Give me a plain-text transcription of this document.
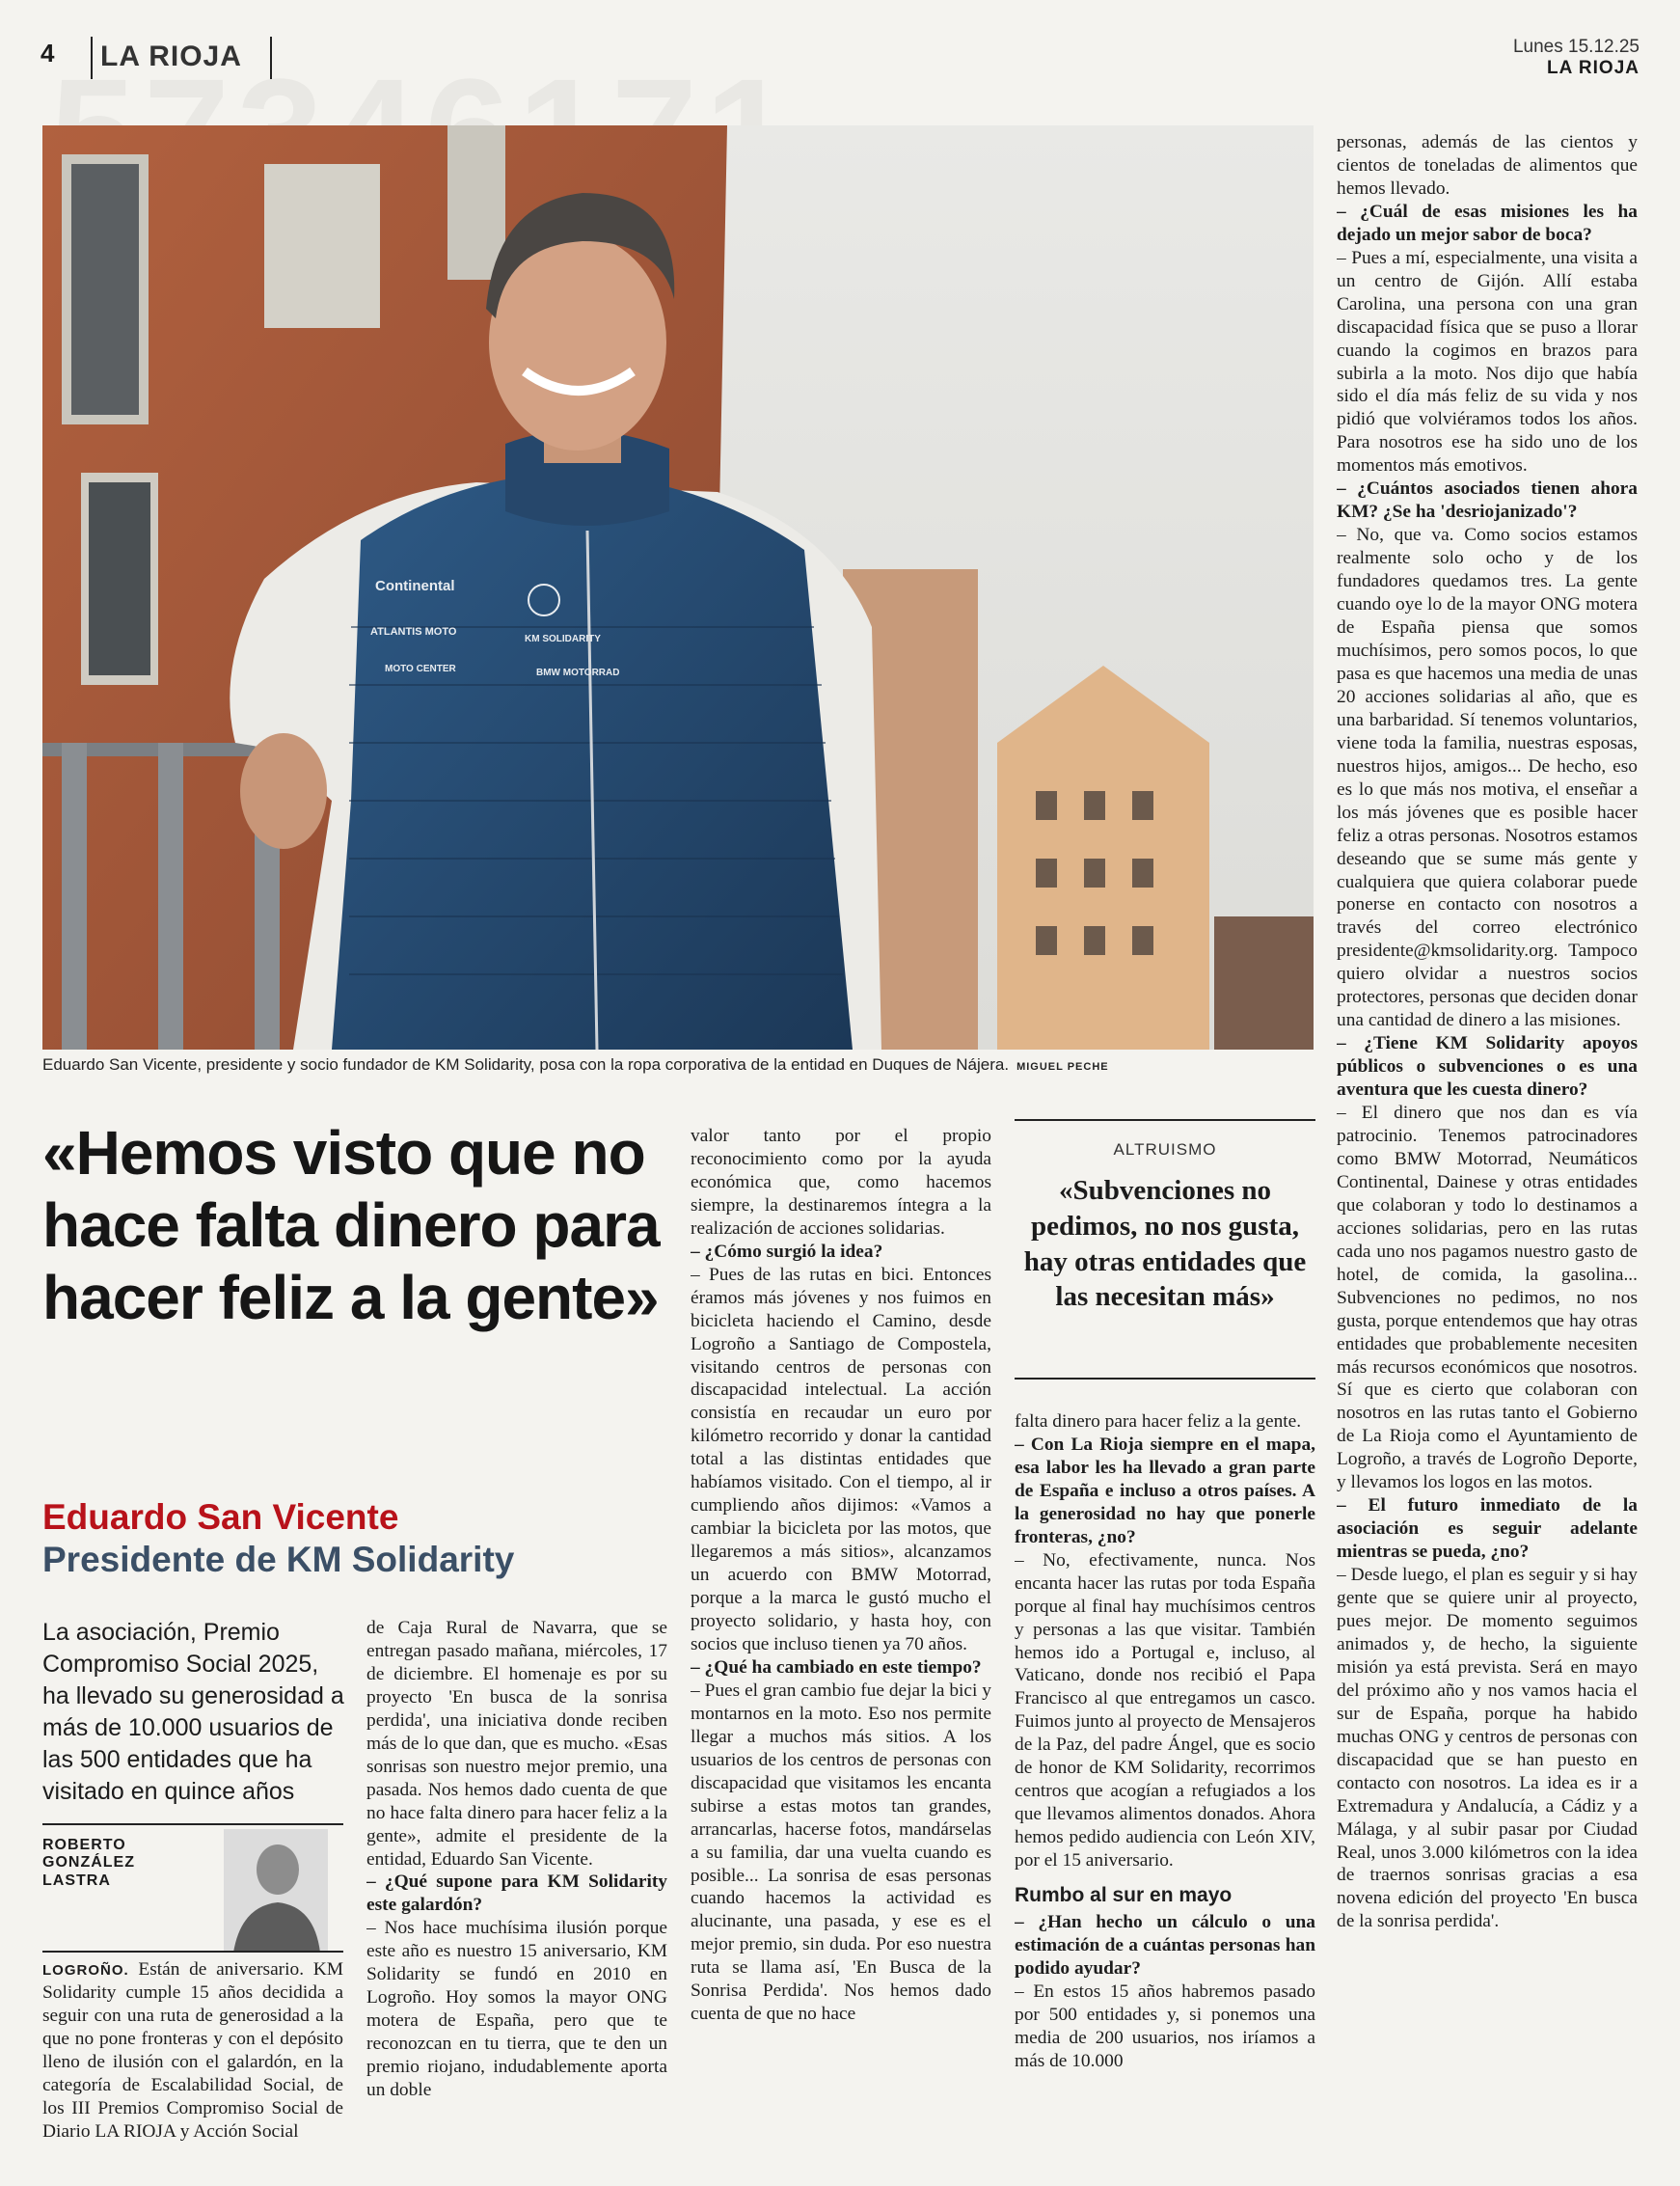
4 LA RIOJA	Lunes 15.12.25
LA RIOJA
Continental
ATLANTIS MOTO
MOTO CENTER
KM SOLIDARITY
BMW MOTORRAD
Eduardo San Vicente, presidente y socio fundador de KM Solidarity, posa con la ropa corporativa de la entidad en Duques de Nájera. MIGUEL PECHE
«Hemos visto que no hace falta dinero para hacer feliz a la gente»
Eduardo San Vicente
Presidente de KM Solidarity
La asociación, Premio Compromiso Social 2025, ha llevado su generosidad a más de 10.000 usuarios de las 500 entidades que ha visitado en quince años
ROBERTO GONZÁLEZ LASTRA

LOGROÑO. Están de aniversario. KM Solidarity cumple 15 años decidida a seguir con una ruta de generosidad a la que no pone fronteras y con el depósito lleno de ilusión con el galardón, en la categoría de Escalabilidad Social, de los III Premios Compromiso Social de Diario LA RIOJA y Acción Social

de Caja Rural de Navarra, que se entregan pasado mañana, miércoles, 17 de diciembre. El homenaje es por su proyecto 'En busca de la sonrisa perdida', una iniciativa donde reciben más de lo que dan, que es mucho. «Esas sonrisas son nuestro mejor premio, una pasada. Nos hemos dado cuenta de que no hace falta dinero para hacer feliz a la gente», admite el presidente de la entidad, Eduardo San Vicente.

– ¿Qué supone para KM Solidarity este galardón?

– Nos hace muchísima ilusión porque este año es nuestro 15 aniversario, KM Solidarity se fundó en 2010 en Logroño. Hoy somos la mayor ONG motera de España, pero que te reconozcan en tu tierra, que te den un premio riojano, indudablemente aporta un doble

valor tanto por el propio reconocimiento como por la ayuda económica que, como hacemos siempre, la destinaremos íntegra a la realización de acciones solidarias.

– ¿Cómo surgió la idea?

– Pues de las rutas en bici. Entonces éramos más jóvenes y nos fuimos en bicicleta haciendo el Camino, desde Logroño a Santiago de Compostela, visitando centros de personas con discapacidad intelectual. La acción consistía en recaudar un euro por kilómetro recorrido y donar la cantidad total a las distintas entidades que habíamos visitado. Con el tiempo, al ir cumpliendo años dijimos: «Vamos a cambiar la bicicleta por las motos, que llegaremos a más sitios», alcanzamos un acuerdo con BMW Motorrad, porque a la marca le gustó mucho el proyecto solidario, y hasta hoy, con socios que incluso tienen ya 70 años.

– ¿Qué ha cambiado en este tiempo?

– Pues el gran cambio fue dejar la bici y montarnos en la moto. Eso nos permite llegar a muchos más sitios. A los usuarios de los centros de personas con discapacidad que visitamos les encanta subirse a estas motos tan grandes, arrancarlas, hacerse fotos, mandárselas a su familia, dar una vuelta cuando es posible... La sonrisa de esas personas cuando hacemos la actividad es alucinante, una pasada, y ese es el mejor premio, sin duda. Por eso nuestra ruta se llama así, 'En Busca de la Sonrisa Perdida'. Nos hemos dado cuenta de que no hace

ALTRUISMO
«Subvenciones no pedimos, no nos gusta, hay otras entidades que las necesitan más»

falta dinero para hacer feliz a la gente.

– Con La Rioja siempre en el mapa, esa labor les ha llevado a gran parte de España e incluso a otros países. A la generosidad no hay que ponerle fronteras, ¿no?

– No, efectivamente, nunca. Nos encanta hacer las rutas por toda España porque al final hay muchísimos centros y personas a las que visitar. También hemos ido a Portugal e, incluso, al Vaticano, donde nos recibió el Papa Francisco al que entregamos un casco. Fuimos junto al proyecto de Mensajeros de la Paz, del padre Ángel, que es socio de honor de KM Solidarity, recorrimos centros que acogían a refugiados a los que llevamos alimentos donados. Ahora hemos pedido audiencia con León XIV, por el 15 aniversario.

Rumbo al sur en mayo

– ¿Han hecho un cálculo o una estimación de a cuántas personas han podido ayudar?

– En estos 15 años habremos pasado por 500 entidades y, si ponemos una media de 200 usuarios, nos iríamos a más de 10.000

personas, además de las cientos y cientos de toneladas de alimentos que hemos llevado.

– ¿Cuál de esas misiones les ha dejado un mejor sabor de boca?

– Pues a mí, especialmente, una visita a un centro de Gijón. Allí estaba Carolina, una persona con una gran discapacidad física que se puso a llorar cuando la cogimos en brazos para subirla a la moto. Nos dijo que había sido el día más feliz de su vida y nos pidió que volviéramos todos los años. Para nosotros ese ha sido uno de los momentos más emotivos.

– ¿Cuántos asociados tienen ahora KM? ¿Se ha 'desriojanizado'?

– No, que va. Como socios estamos realmente solo ocho y de los fundadores quedamos tres. La gente cuando oye lo de la mayor ONG motera de España piensa que somos muchísimos, pero somos pocos, lo que pasa es que hacemos una media de unas 20 acciones solidarias al año, que es una barbaridad. Sí tenemos voluntarios, viene toda la familia, nuestras esposas, nuestros hijos, amigos... De hecho, eso es lo que más nos motiva, el enseñar a los más jóvenes que es posible hacer feliz a otras personas. Nosotros estamos deseando que se sume más gente y cualquiera que quiera colaborar puede ponerse en contacto con nosotros a través del correo electrónico presidente@kmsolidarity.org. Tampoco quiero olvidar a nuestros socios protectores, personas que deciden donar una cantidad de dinero a las misiones.

– ¿Tiene KM Solidarity apoyos públicos o subvenciones o es una aventura que les cuesta dinero?

– El dinero que nos dan es vía patrocinio. Tenemos patrocinadores como BMW Motorrad, Neumáticos Continental, Dainese y otras entidades que colaboran y todo lo destinamos a acciones solidarias, pero en las rutas cada uno nos pagamos nuestro gasto de hotel, de comida, la gasolina... Subvenciones no pedimos, no nos gusta, porque entendemos que hay otras entidades que probablemente necesiten más recursos económicos que nosotros. Sí que es cierto que colaboran con nosotros en las rutas tanto el Gobierno de La Rioja como el Ayuntamiento de Logroño, a través de Logroño Deporte, y llevamos los logos en las motos.

– El futuro inmediato de la asociación es seguir adelante mientras se pueda, ¿no?

– Desde luego, el plan es seguir y si hay gente que se quiere unir al proyecto, pues mejor. De momento seguimos animados y, de hecho, la siguiente misión ya está prevista. Será en mayo del próximo año y nos vamos hacia el sur de España, porque ha habido muchas ONG y centros de personas con discapacidad que se han puesto en contacto con nosotros. La idea es ir a Extremadura y Andalucía, a Cádiz y a Málaga, y al subir pasar por Ciudad Real, unos 3.000 kilómetros con la idea de traernos sonrisas gracias a esa novena edición del proyecto 'En busca de la sonrisa perdida'.
